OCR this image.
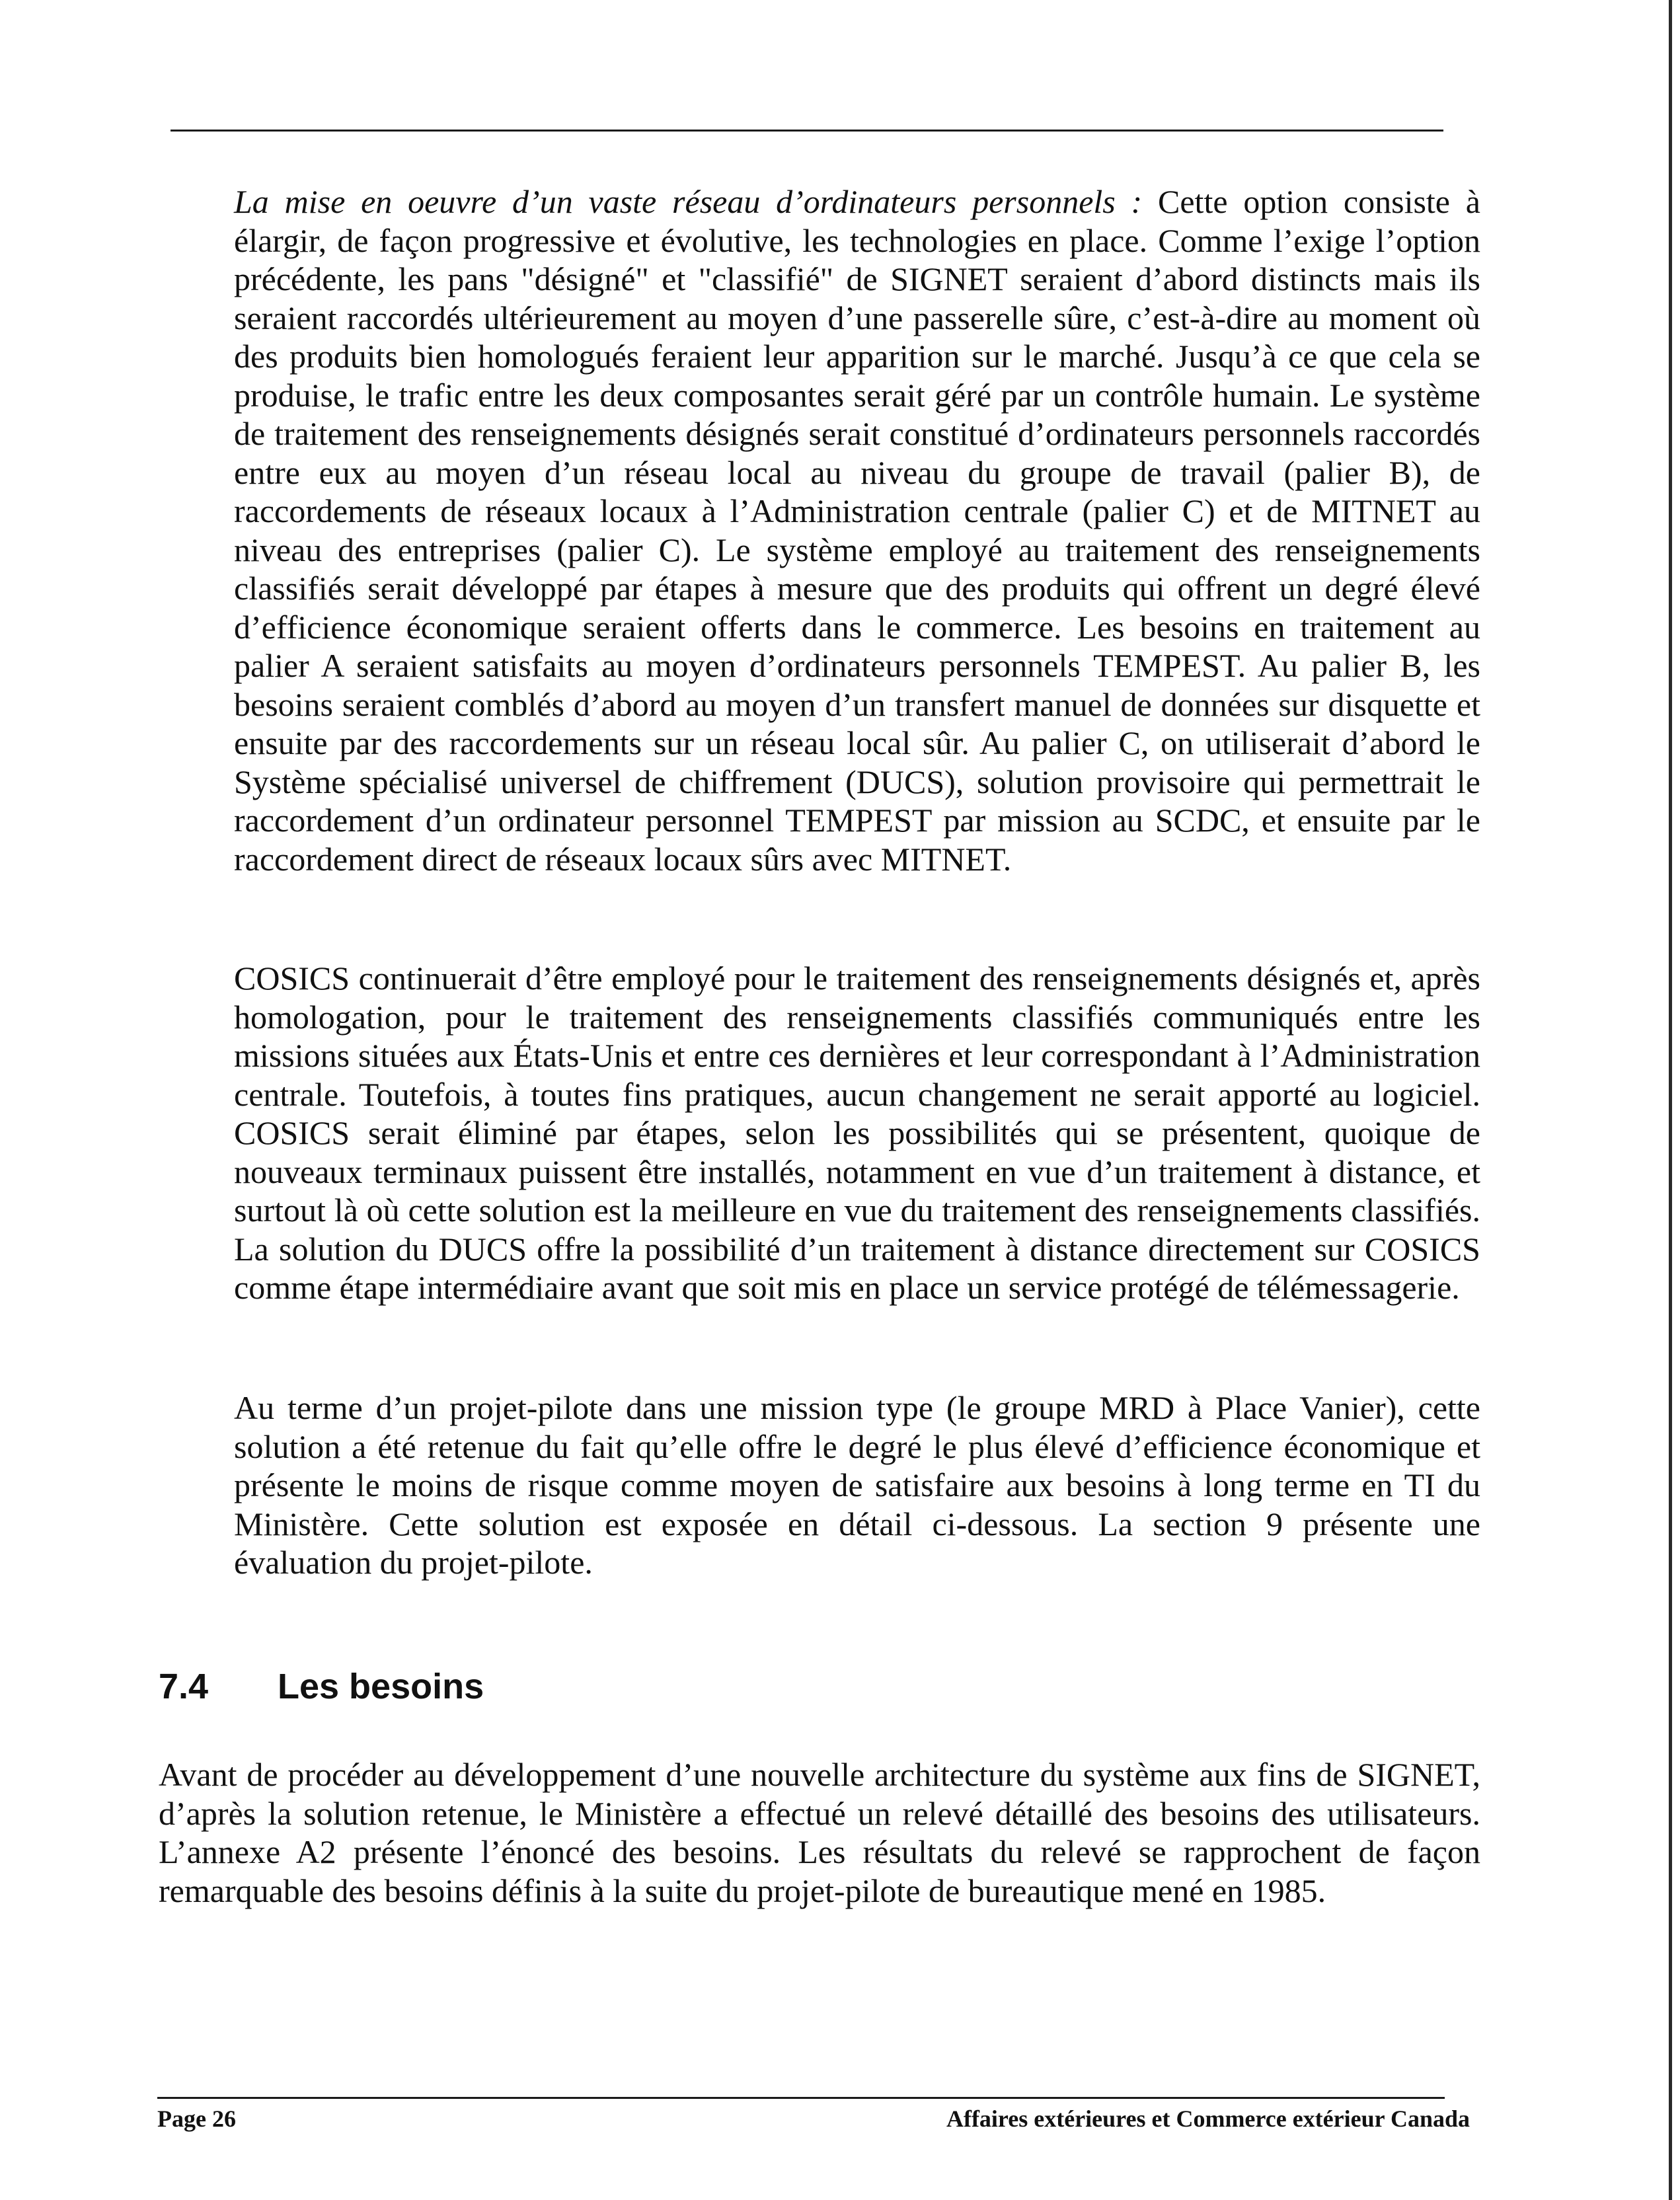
La mise en oeuvre d’un vaste réseau d’ordinateurs personnels : Cette option consiste à élargir, de façon progressive et évolutive, les technologies en place. Comme l’exige l’option précédente, les pans "désigné" et "classifié" de SIGNET seraient d’abord distincts mais ils seraient raccordés ultérieurement au moyen d’une passerelle sûre, c’est-à-dire au moment où des produits bien homologués feraient leur apparition sur le marché. Jusqu’à ce que cela se produise, le trafic entre les deux composantes serait géré par un contrôle humain. Le système de traitement des renseignements désignés serait constitué d’ordinateurs personnels raccordés entre eux au moyen d’un réseau local au niveau du groupe de travail (palier B), de raccordements de réseaux locaux à l’Administration centrale (palier C) et de MITNET au niveau des entreprises (palier C). Le système employé au traitement des renseignements classifiés serait développé par étapes à mesure que des produits qui offrent un degré élevé d’efficience économique seraient offerts dans le commerce. Les besoins en traitement au palier A seraient satisfaits au moyen d’ordinateurs personnels TEMPEST. Au palier B, les besoins seraient comblés d’abord au moyen d’un transfert manuel de données sur disquette et ensuite par des raccordements sur un réseau local sûr. Au palier C, on utiliserait d’abord le Système spécialisé universel de chiffrement (DUCS), solution provisoire qui permettrait le raccordement d’un ordinateur personnel TEMPEST par mission au SCDC, et ensuite par le raccordement direct de réseaux locaux sûrs avec MITNET.

COSICS continuerait d’être employé pour le traitement des renseignements désignés et, après homologation, pour le traitement des renseignements classifiés communiqués entre les missions situées aux États-Unis et entre ces dernières et leur correspondant à l’Administration centrale. Toutefois, à toutes fins pratiques, aucun changement ne serait apporté au logiciel. COSICS serait éliminé par étapes, selon les possibilités qui se présentent, quoique de nouveaux terminaux puissent être installés, notamment en vue d’un traitement à distance, et surtout là où cette solution est la meilleure en vue du traitement des renseignements classifiés. La solution du DUCS offre la possibilité d’un traitement à distance directement sur COSICS comme étape intermédiaire avant que soit mis en place un service protégé de télémessagerie.

Au terme d’un projet-pilote dans une mission type (le groupe MRD à Place Vanier), cette solution a été retenue du fait qu’elle offre le degré le plus élevé d’efficience économique et présente le moins de risque comme moyen de satisfaire aux besoins à long terme en TI du Ministère. Cette solution est exposée en détail ci-dessous. La section 9 présente une évaluation du projet-pilote.

7.4 Les besoins

Avant de procéder au développement d’une nouvelle architecture du système aux fins de SIGNET, d’après la solution retenue, le Ministère a effectué un relevé détaillé des besoins des utilisateurs. L’annexe A2 présente l’énoncé des besoins. Les résultats du relevé se rapprochent de façon remarquable des besoins définis à la suite du projet-pilote de bureautique mené en 1985.

Page 26	Affaires extérieures et Commerce extérieur Canada
